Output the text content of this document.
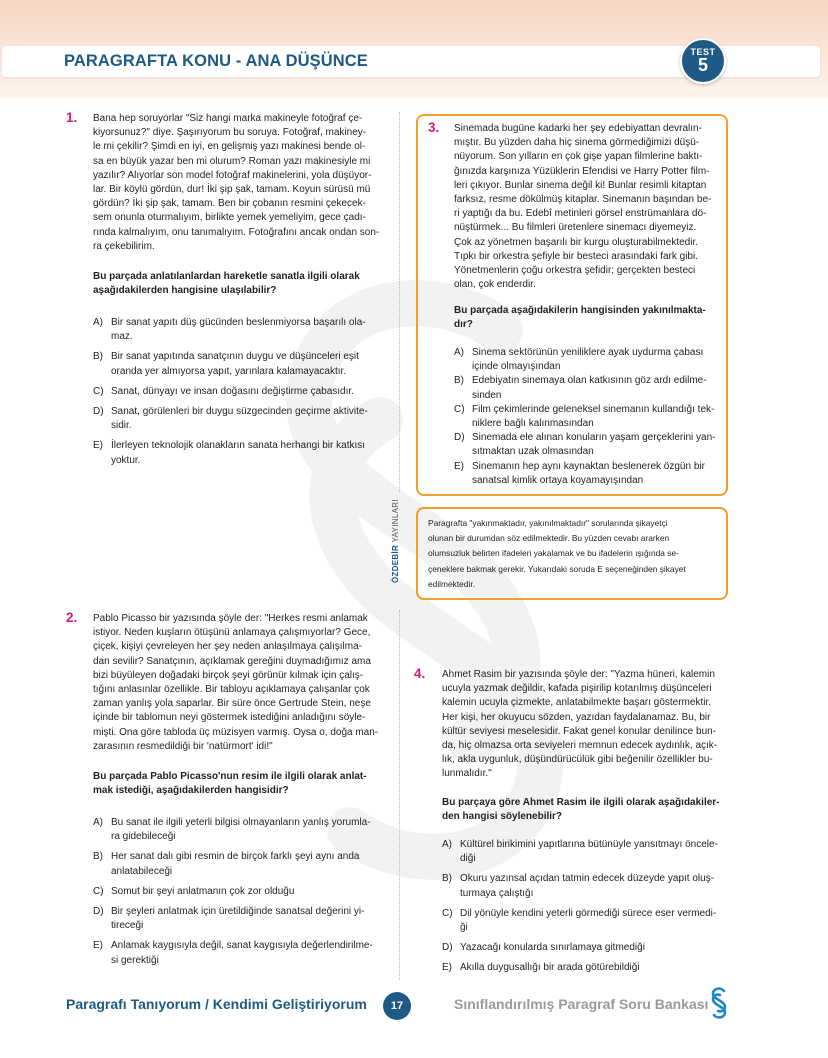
PARAGRAFTA KONU - ANA DÜŞÜNCE	TEST
5
ÖZDEBİR YAYINLARI
1. Bana hep soruyorlar "Siz hangi marka makineyle fotoğraf çe-
kiyorsunuz?" diye. Şaşırıyorum bu soruya. Fotoğraf, makiney-
le mi çekilir? Şimdi en iyi, en gelişmiş yazı makinesi bende ol-
sa en büyük yazar ben mi olurum? Roman yazı makinesiyle mi
yazılır? Alıyorlar son model fotoğraf makinelerini, yola düşüyor-
lar. Bir köylü gördün, dur! İki şip şak, tamam. Koyun sürüsü mü
gördün? İki şip şak, tamam. Ben bir çobanın resmini çekecek-
sem onunla oturmalıyım, birlikte yemek yemeliyim, gece çadı-
rında kalmalıyım, onu tanımalıyım. Fotoğrafını ancak ondan son-
ra çekebilirim.
Bu parçada anlatılanlardan hareketle sanatla ilgili olarak
aşağıdakilerden hangisine ulaşılabilir?
A) Bir sanat yapıtı düş gücünden beslenmiyorsa başarılı ola-
maz.
B) Bir sanat yapıtında sanatçının duygu ve düşünceleri eşit
oranda yer almıyorsa yapıt, yarınlara kalamayacaktır.
C) Sanat, dünyayı ve insan doğasını değiştirme çabasıdır.
D) Sanat, görülenleri bir duygu süzgecinden geçirme aktivite-
sidir.
E) İlerleyen teknolojik olanakların sanata herhangi bir katkısı
yoktur.
2. Pablo Picasso bir yazısında şöyle der: "Herkes resmi anlamak
istiyor. Neden kuşların ötüşünü anlamaya çalışmıyorlar? Gece,
çiçek, kişiyi çevreleyen her şey neden anlaşılmaya çalışılma-
dan sevilir? Sanatçının, açıklamak gereğini duymadığımız ama
bizi büyüleyen doğadaki birçok şeyi görünür kılmak için çalış-
tığını anlasınlar özellikle. Bir tabloyu açıklamaya çalışanlar çok
zaman yanlış yola saparlar. Bir süre önce Gertrude Stein, neşe
içinde bir tablomun neyi göstermek istediğini anladığını söyle-
mişti. Ona göre tabloda üç müzisyen varmış. Oysa o, doğa man-
zarasının resmedildiği bir 'natürmort' idi!"
Bu parçada Pablo Picasso'nun resim ile ilgili olarak anlat-
mak istediği, aşağıdakilerden hangisidir?
A) Bu sanat ile ilgili yeterli bilgisi olmayanların yanlış yorumla-
ra gidebileceği
B) Her sanat dalı gibi resmin de birçok farklı şeyi aynı anda
anlatabileceği
C) Somut bir şeyi anlatmanın çok zor olduğu
D) Bir şeyleri anlatmak için üretildiğinde sanatsal değerini yi-
tireceği
E) Anlamak kaygısıyla değil, sanat kaygısıyla değerlendirilme-
si gerektiği
3. Sinemada bugüne kadarki her şey edebiyattan devralın-
mıştır. Bu yüzden daha hiç sinema görmediğimizi düşü-
nüyorum. Son yılların en çok gişe yapan filmlerine baktı-
ğınızda karşınıza Yüzüklerin Efendisi ve Harry Potter film-
leri çıkıyor. Bunlar sinema değil ki! Bunlar resimli kitaptan
farksız, resme dökülmüş kitaplar. Sinemanın başından be-
ri yaptığı da bu. Edebî metinleri görsel enstrümanlara dö-
nüştürmek... Bu filmleri üretenlere sinemacı diyemeyiz.
Çok az yönetmen başarılı bir kurgu oluşturabilmektedir.
Tıpkı bir orkestra şefiyle bir besteci arasındaki fark gibi.
Yönetmenlerin çoğu orkestra şefidir; gerçekten besteci
olan, çok enderdir.
Bu parçada aşağıdakilerin hangisinden yakınılmakta-
dır?
A) Sinema sektörünün yeniliklere ayak uydurma çabası
içinde olmayışından
B) Edebiyatın sinemaya olan katkısının göz ardı edilme-
sinden
C) Film çekimlerinde geleneksel sinemanın kullandığı tek-
niklere bağlı kalınmasından
D) Sinemada ele alınan konuların yaşam gerçeklerini yan-
sıtmaktan uzak olmasından
E) Sinemanın hep aynı kaynaktan beslenerek özgün bir
sanatsal kimlik ortaya koyamayışından
Paragrafta "yakınmaktadır, yakınılmaktadır" sorularında şikayetçi
olunan bir durumdan söz edilmektedir. Bu yüzden cevabı ararken
olumsuzluk belirten ifadeleri yakalamak ve bu ifadelerin ışığında se-
çeneklere bakmak gerekir. Yukarıdaki soruda E seçeneğinden şikayet
edilmektedir.
4. Ahmet Rasim bir yazısında şöyle der: "Yazma hüneri, kalemin
ucuyla yazmak değildir, kafada pişirilip kotarılmış düşünceleri
kalemin ucuyla çizmekte, anlatabilmekte başarı göstermektir.
Her kişi, her okuyucu sözden, yazıdan faydalanamaz. Bu, bir
kültür seviyesi meselesidir. Fakat genel konular denilince bun-
da, hiç olmazsa orta seviyeleri memnun edecek aydınlık, açık-
lık, akla uygunluk, düşündürücülük gibi beğenilir özellikler bu-
lunmalıdır."
Bu parçaya göre Ahmet Rasim ile ilgili olarak aşağıdakiler-
den hangisi söylenebilir?
A) Kültürel birikimini yapıtlarına bütünüyle yansıtmayı öncele-
diği
B) Okuru yazınsal açıdan tatmin edecek düzeyde yapıt oluş-
turmaya çalıştığı
C) Dil yönüyle kendini yeterli görmediği sürece eser vermedi-
ği
D) Yazacağı konularda sınırlamaya gitmediği
E) Akılla duygusallığı bir arada götürebildiği
Paragrafı Tanıyorum / Kendimi Geliştiriyorum	17	Sınıflandırılmış Paragraf Soru Bankası
